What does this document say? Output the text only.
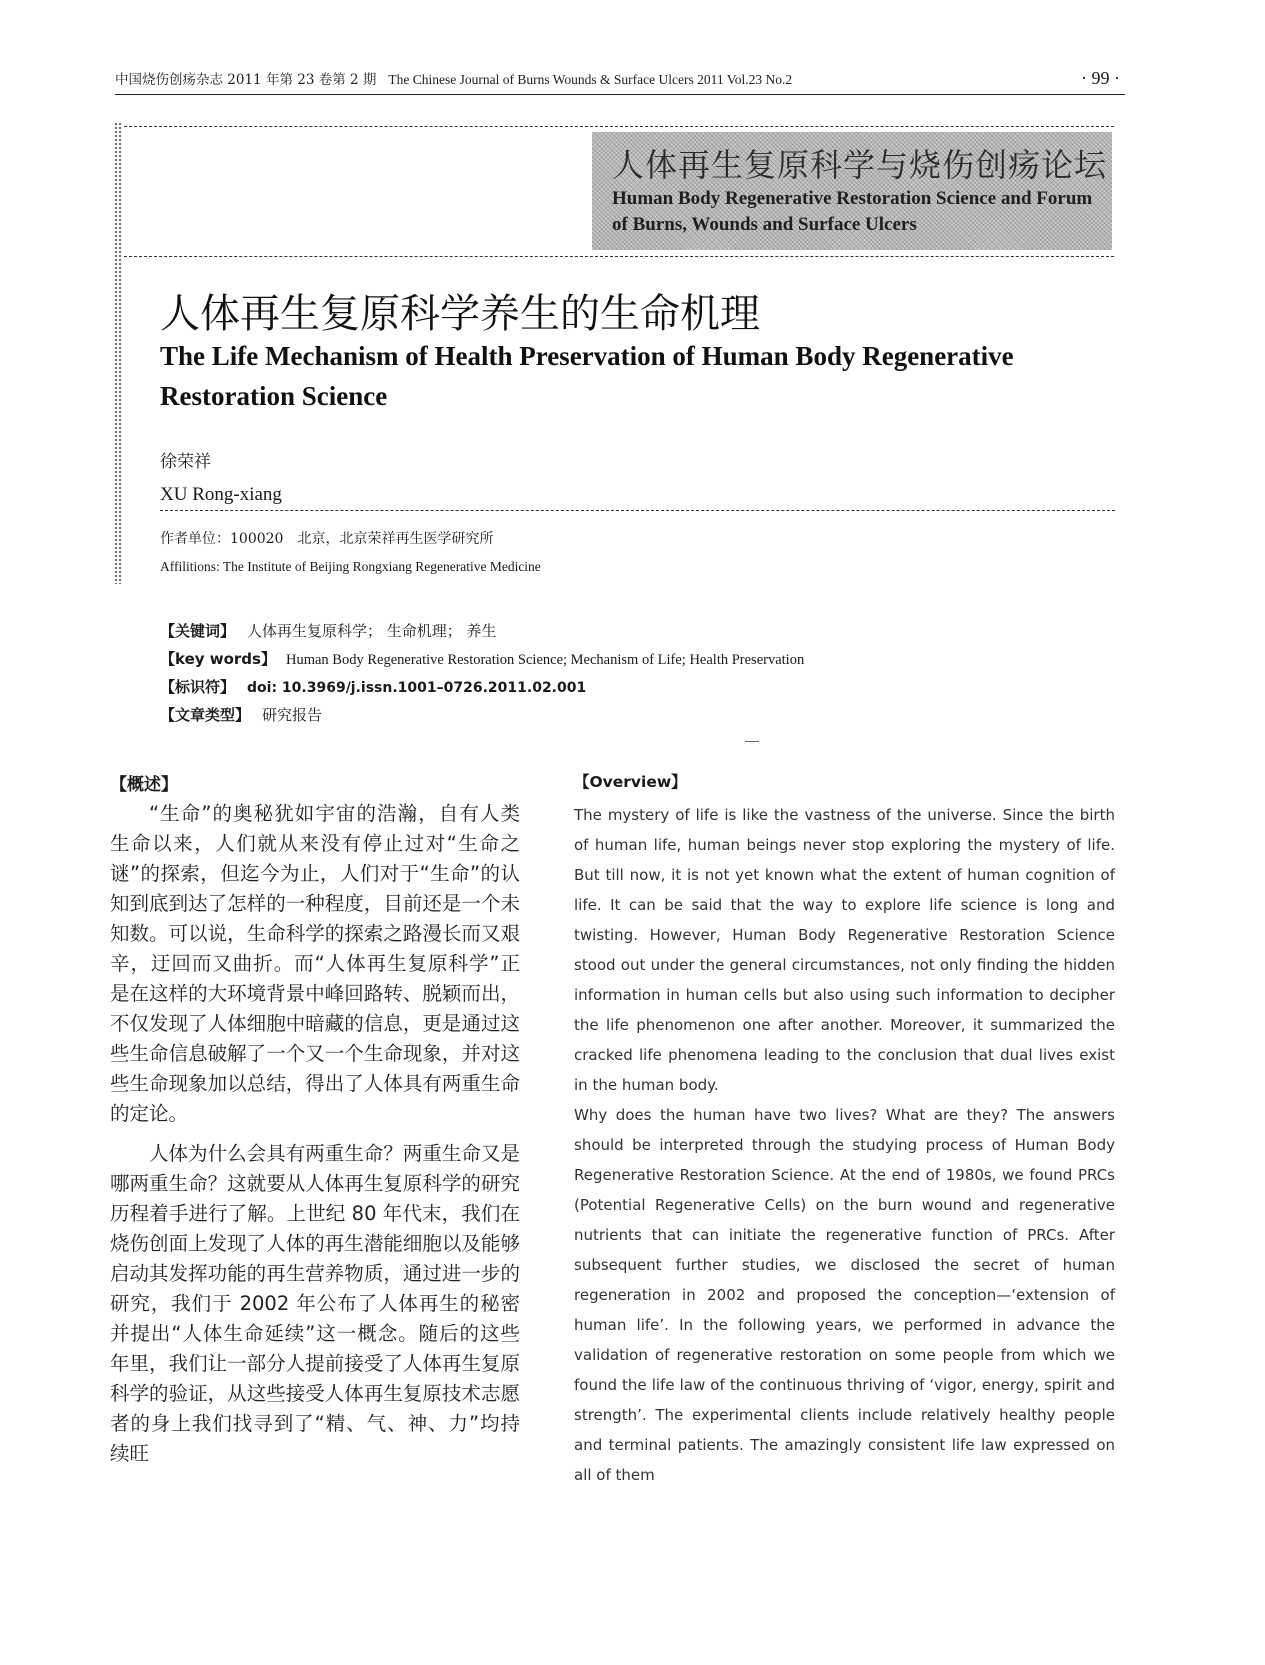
中国烧伤创疡杂志 2011 年第 23 卷第 2 期 The Chinese Journal of Burns Wounds & Surface Ulcers 2011 Vol.23 No.2	· 99 ·
人体再生复原科学与烧伤创疡论坛
Human Body Regenerative Restoration Science and Forum of Burns, Wounds and Surface Ulcers
人体再生复原科学养生的生命机理
The Life Mechanism of Health Preservation of Human Body Regenerative Restoration Science
徐荣祥
XU Rong-xiang
作者单位：100020　北京，北京荣祥再生医学研究所
Affilitions: The Institute of Beijing Rongxiang Regenerative Medicine
【关键词】 人体再生复原科学； 生命机理； 养生
【key words】 Human Body Regenerative Restoration Science; Mechanism of Life; Health Preservation
【标识符】 doi: 10.3969/j.issn.1001–0726.2011.02.001
【文章类型】 研究报告
【概述】

“生命”的奥秘犹如宇宙的浩瀚，自有人类生命以来，人们就从来没有停止过对“生命之谜”的探索，但迄今为止，人们对于“生命”的认知到底到达了怎样的一种程度，目前还是一个未知数。可以说，生命科学的探索之路漫长而又艰辛，迂回而又曲折。而“人体再生复原科学”正是在这样的大环境背景中峰回路转、脱颖而出，不仅发现了人体细胞中暗藏的信息，更是通过这些生命信息破解了一个又一个生命现象，并对这些生命现象加以总结，得出了人体具有两重生命的定论。

人体为什么会具有两重生命？两重生命又是哪两重生命？这就要从人体再生复原科学的研究历程着手进行了解。上世纪 80 年代末，我们在烧伤创面上发现了人体的再生潜能细胞以及能够启动其发挥功能的再生营养物质，通过进一步的研究，我们于 2002 年公布了人体再生的秘密并提出“人体生命延续”这一概念。随后的这些年里，我们让一部分人提前接受了人体再生复原科学的验证，从这些接受人体再生复原技术志愿者的身上我们找寻到了“精、气、神、力”均持续旺

【Overview】

The mystery of life is like the vastness of the universe. Since the birth of human life, human beings never stop exploring the mystery of life. But till now, it is not yet known what the extent of human cognition of life. It can be said that the way to explore life science is long and twisting. However, Human Body Regenerative Restoration Science stood out under the general circumstances, not only finding the hidden information in human cells but also using such information to decipher the life phenomenon one after another. Moreover, it summarized the cracked life phenomena leading to the conclusion that dual lives exist in the human body.

Why does the human have two lives? What are they? The answers should be interpreted through the studying process of Human Body Regenerative Restoration Science. At the end of 1980s, we found PRCs (Potential Regenerative Cells) on the burn wound and regenerative nutrients that can initiate the regenerative function of PRCs. After subsequent further studies, we disclosed the secret of human regeneration in 2002 and proposed the conception—‘extension of human life’. In the following years, we performed in advance the validation of regenerative restoration on some people from which we found the life law of the continuous thriving of ‘vigor, energy, spirit and strength’. The experimental clients include relatively healthy people and terminal patients. The amazingly consistent life law expressed on all of them
